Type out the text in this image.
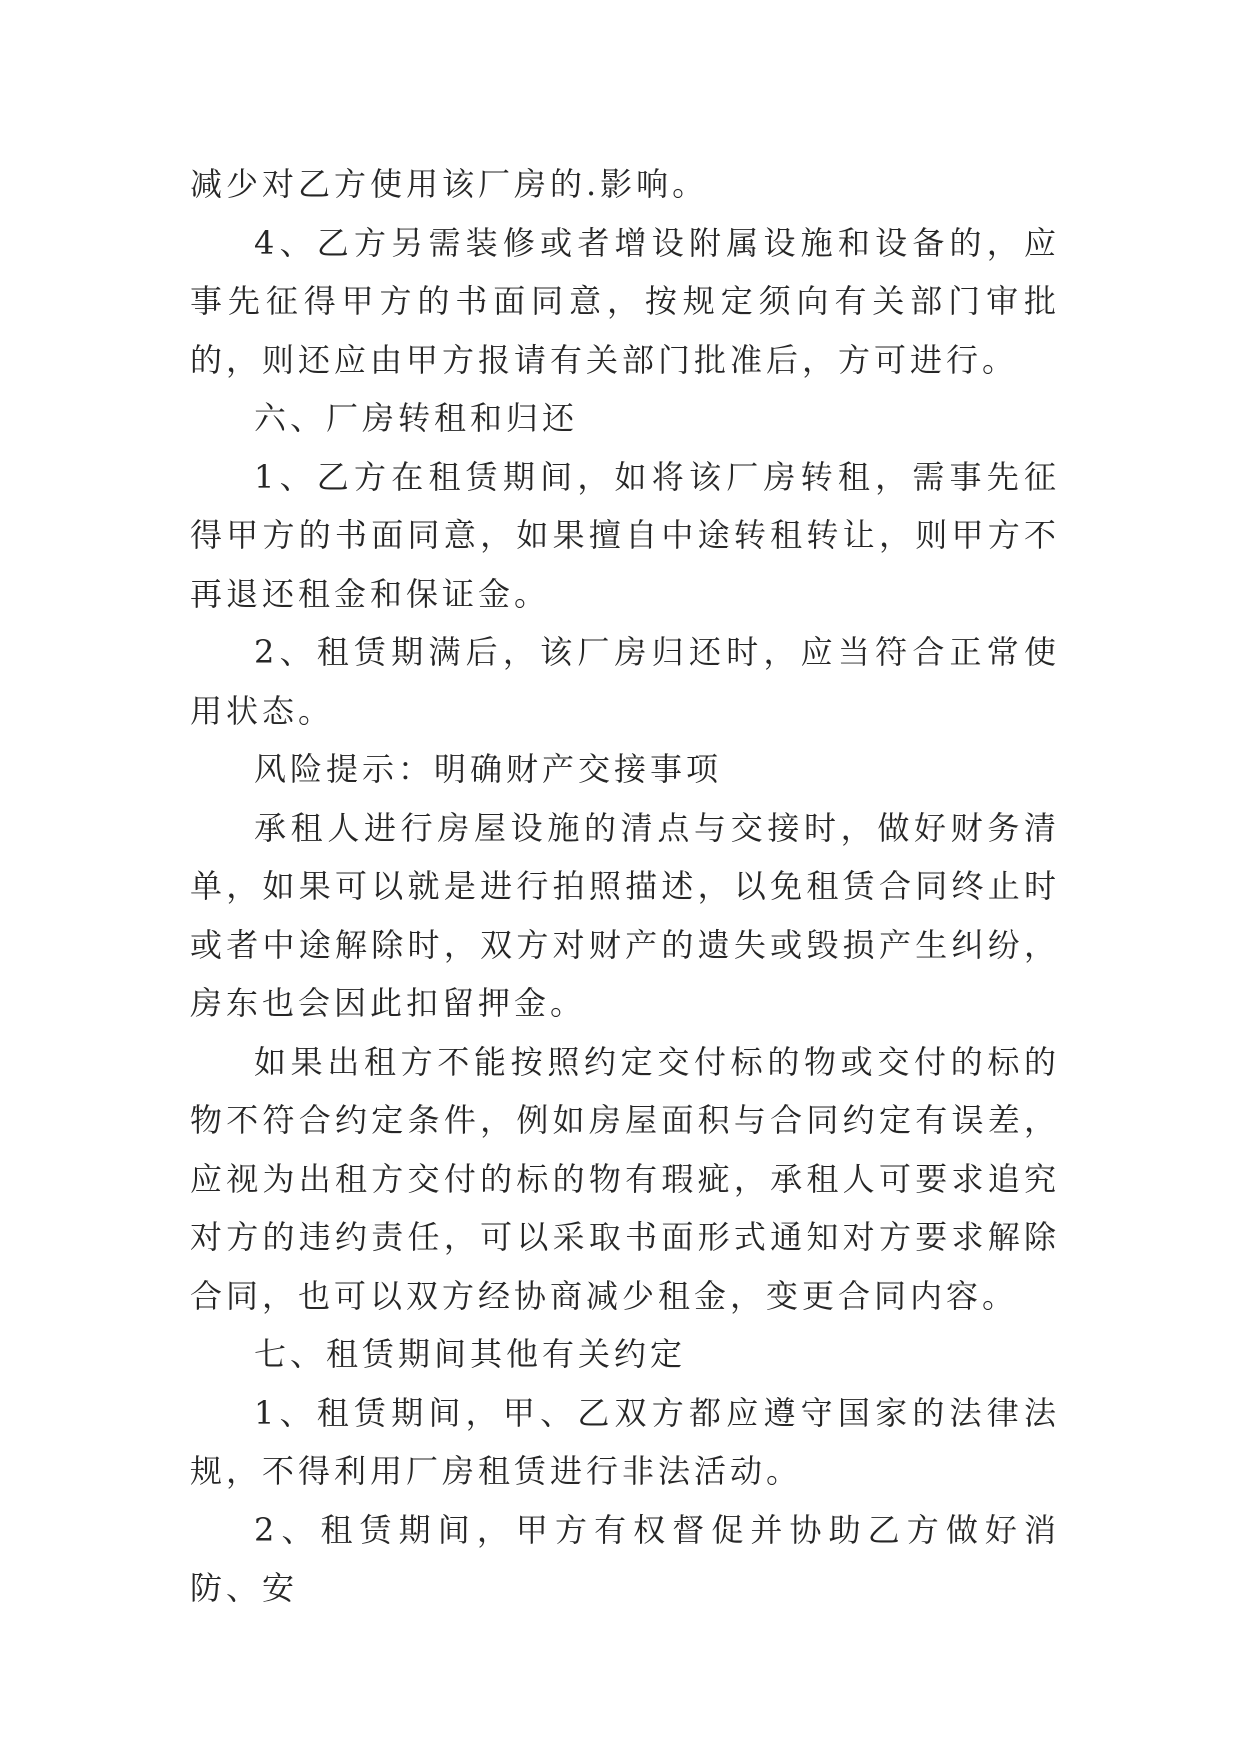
减少对乙方使用该厂房的.影响。

4、乙方另需装修或者增设附属设施和设备的，应事先征得甲方的书面同意，按规定须向有关部门审批的，则还应由甲方报请有关部门批准后，方可进行。

六、厂房转租和归还

1、乙方在租赁期间，如将该厂房转租，需事先征得甲方的书面同意，如果擅自中途转租转让，则甲方不再退还租金和保证金。

2、租赁期满后，该厂房归还时，应当符合正常使用状态。

风险提示：明确财产交接事项

承租人进行房屋设施的清点与交接时，做好财务清单，如果可以就是进行拍照描述，以免租赁合同终止时或者中途解除时，双方对财产的遗失或毁损产生纠纷，房东也会因此扣留押金。

如果出租方不能按照约定交付标的物或交付的标的物不符合约定条件，例如房屋面积与合同约定有误差，应视为出租方交付的标的物有瑕疵，承租人可要求追究对方的违约责任，可以采取书面形式通知对方要求解除合同，也可以双方经协商减少租金，变更合同内容。

七、租赁期间其他有关约定

1、租赁期间，甲、乙双方都应遵守国家的法律法规，不得利用厂房租赁进行非法活动。

2、租赁期间，甲方有权督促并协助乙方做好消防、安
